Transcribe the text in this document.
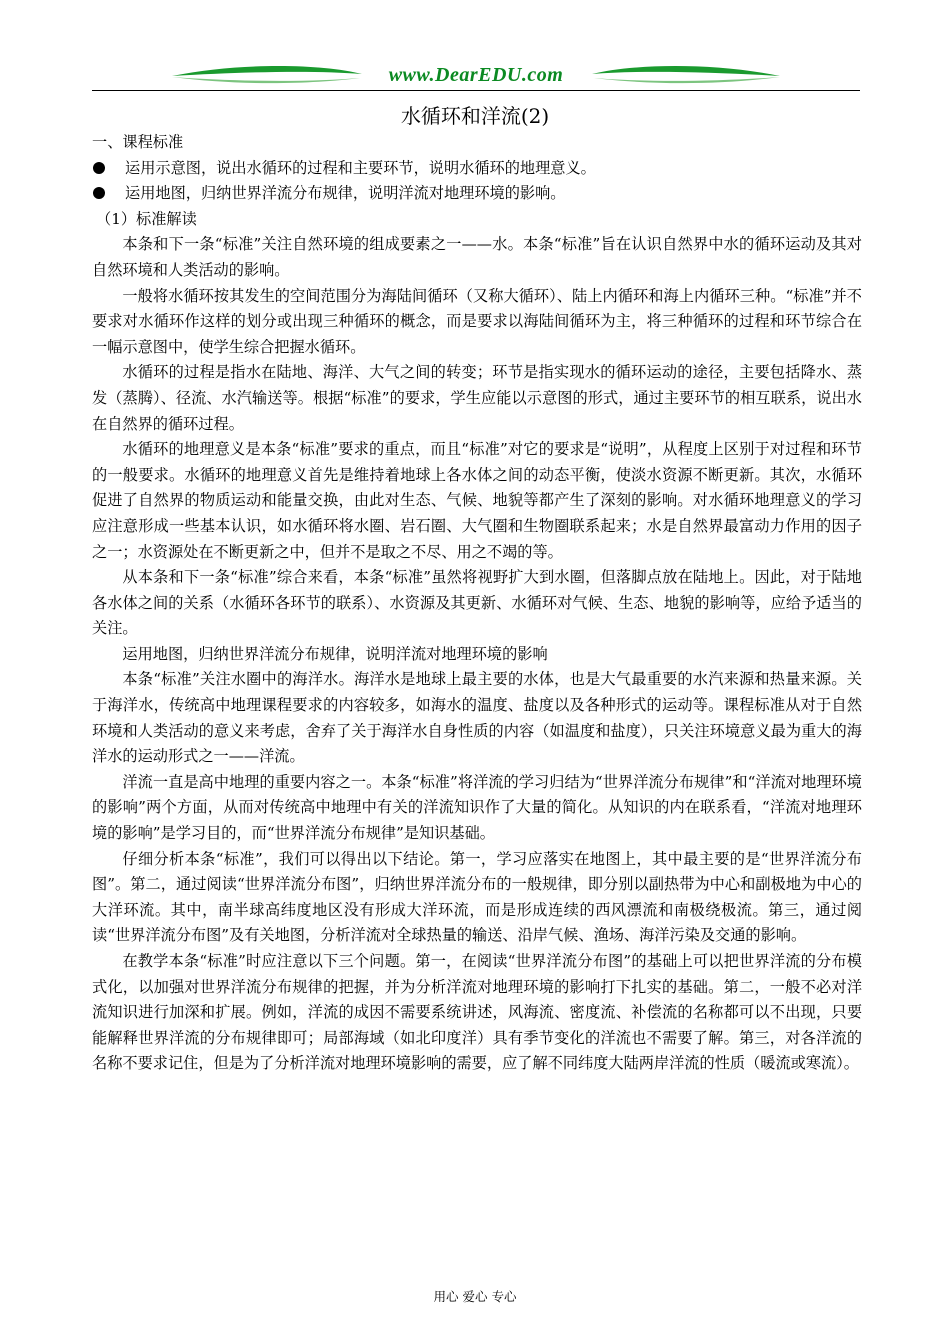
www.DearEDU.com
水循环和洋流(2)

一、课程标准

运用示意图，说出水循环的过程和主要环节，说明水循环的地理意义。

运用地图，归纳世界洋流分布规律，说明洋流对地理环境的影响。

（1）标准解读

本条和下一条“标准”关注自然环境的组成要素之一——水。本条“标准”旨在认识自然界中水的循环运动及其对自然环境和人类活动的影响。

一般将水循环按其发生的空间范围分为海陆间循环（又称大循环）、陆上内循环和海上内循环三种。“标准”并不要求对水循环作这样的划分或出现三种循环的概念，而是要求以海陆间循环为主，将三种循环的过程和环节综合在一幅示意图中，使学生综合把握水循环。

水循环的过程是指水在陆地、海洋、大气之间的转变；环节是指实现水的循环运动的途径，主要包括降水、蒸发（蒸腾）、径流、水汽输送等。根据“标准”的要求，学生应能以示意图的形式，通过主要环节的相互联系，说出水在自然界的循环过程。

水循环的地理意义是本条“标准”要求的重点，而且“标准”对它的要求是“说明”，从程度上区别于对过程和环节的一般要求。水循环的地理意义首先是维持着地球上各水体之间的动态平衡，使淡水资源不断更新。其次，水循环促进了自然界的物质运动和能量交换，由此对生态、气候、地貌等都产生了深刻的影响。对水循环地理意义的学习应注意形成一些基本认识，如水循环将水圈、岩石圈、大气圈和生物圈联系起来；水是自然界最富动力作用的因子之一；水资源处在不断更新之中，但并不是取之不尽、用之不竭的等。

从本条和下一条“标准”综合来看，本条“标准”虽然将视野扩大到水圈，但落脚点放在陆地上。因此，对于陆地各水体之间的关系（水循环各环节的联系）、水资源及其更新、水循环对气候、生态、地貌的影响等，应给予适当的关注。

运用地图，归纳世界洋流分布规律，说明洋流对地理环境的影响

本条“标准”关注水圈中的海洋水。海洋水是地球上最主要的水体，也是大气最重要的水汽来源和热量来源。关于海洋水，传统高中地理课程要求的内容较多，如海水的温度、盐度以及各种形式的运动等。课程标准从对于自然环境和人类活动的意义来考虑，舍弃了关于海洋水自身性质的内容（如温度和盐度），只关注环境意义最为重大的海洋水的运动形式之一——洋流。

洋流一直是高中地理的重要内容之一。本条“标准”将洋流的学习归结为“世界洋流分布规律”和“洋流对地理环境的影响”两个方面，从而对传统高中地理中有关的洋流知识作了大量的简化。从知识的内在联系看，“洋流对地理环境的影响”是学习目的，而“世界洋流分布规律”是知识基础。

仔细分析本条“标准”，我们可以得出以下结论。第一，学习应落实在地图上，其中最主要的是“世界洋流分布图”。第二，通过阅读“世界洋流分布图”，归纳世界洋流分布的一般规律，即分别以副热带为中心和副极地为中心的大洋环流。其中，南半球高纬度地区没有形成大洋环流，而是形成连续的西风漂流和南极绕极流。第三，通过阅读“世界洋流分布图”及有关地图，分析洋流对全球热量的输送、沿岸气候、渔场、海洋污染及交通的影响。

在教学本条“标准”时应注意以下三个问题。第一，在阅读“世界洋流分布图”的基础上可以把世界洋流的分布模式化，以加强对世界洋流分布规律的把握，并为分析洋流对地理环境的影响打下扎实的基础。第二，一般不必对洋流知识进行加深和扩展。例如，洋流的成因不需要系统讲述，风海流、密度流、补偿流的名称都可以不出现，只要能解释世界洋流的分布规律即可；局部海域（如北印度洋）具有季节变化的洋流也不需要了解。第三，对各洋流的名称不要求记住，但是为了分析洋流对地理环境影响的需要，应了解不同纬度大陆两岸洋流的性质（暖流或寒流）。

用心 爱心 专心
